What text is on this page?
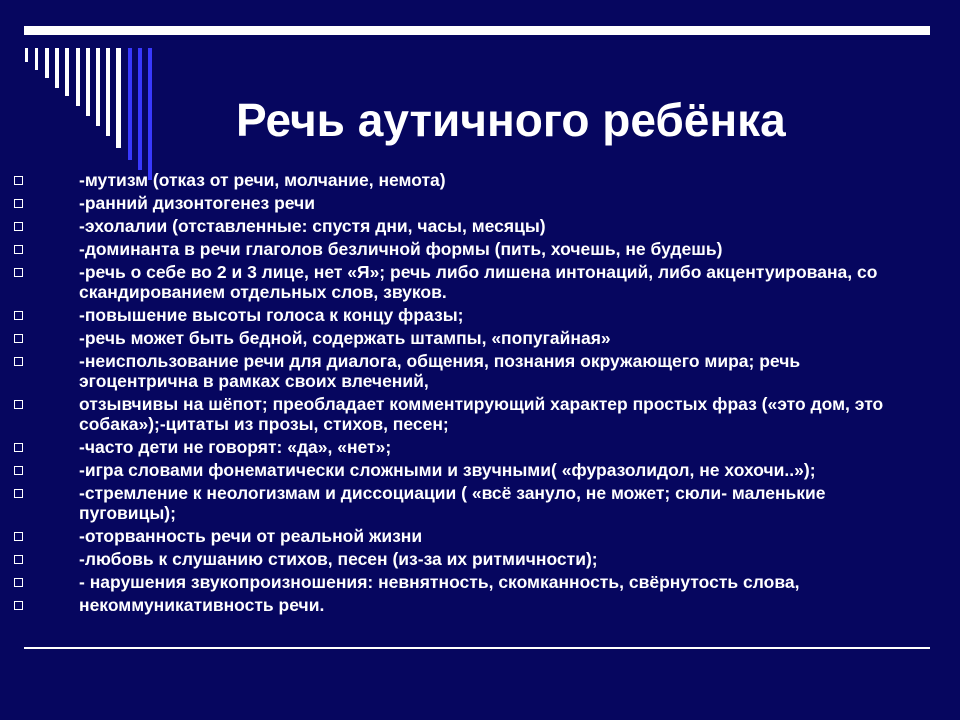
Речь аутичного ребёнка
-мутизм (отказ от речи, молчание, немота)
-ранний дизонтогенез речи
-эхолалии (отставленные: спустя дни, часы, месяцы)
-доминанта в речи глаголов безличной формы (пить, хочешь, не будешь)
-речь о себе во 2 и 3 лице, нет «Я»; речь либо лишена интонаций, либо акцентуирована, со скандированием отдельных слов, звуков.
-повышение высоты голоса к концу фразы;
-речь может быть бедной, содержать штампы, «попугайная»
-неиспользование речи для диалога, общения, познания окружающего мира; речь эгоцентрична в рамках своих влечений,
отзывчивы на шёпот; преобладает комментирующий характер простых фраз («это дом, это собака»);-цитаты из прозы, стихов, песен;
-часто дети не говорят: «да», «нет»;
-игра словами фонематически сложными и звучными( «фуразолидол, не хохочи..»);
-стремление к неологизмам и диссоциации ( «всё зануло, не может; сюли- маленькие пуговицы);
-оторванность речи от реальной жизни
-любовь к слушанию стихов, песен (из-за их ритмичности);
- нарушения звукопроизношения: невнятность, скомканность, свёрнутость слова,
некоммуникативность речи.
